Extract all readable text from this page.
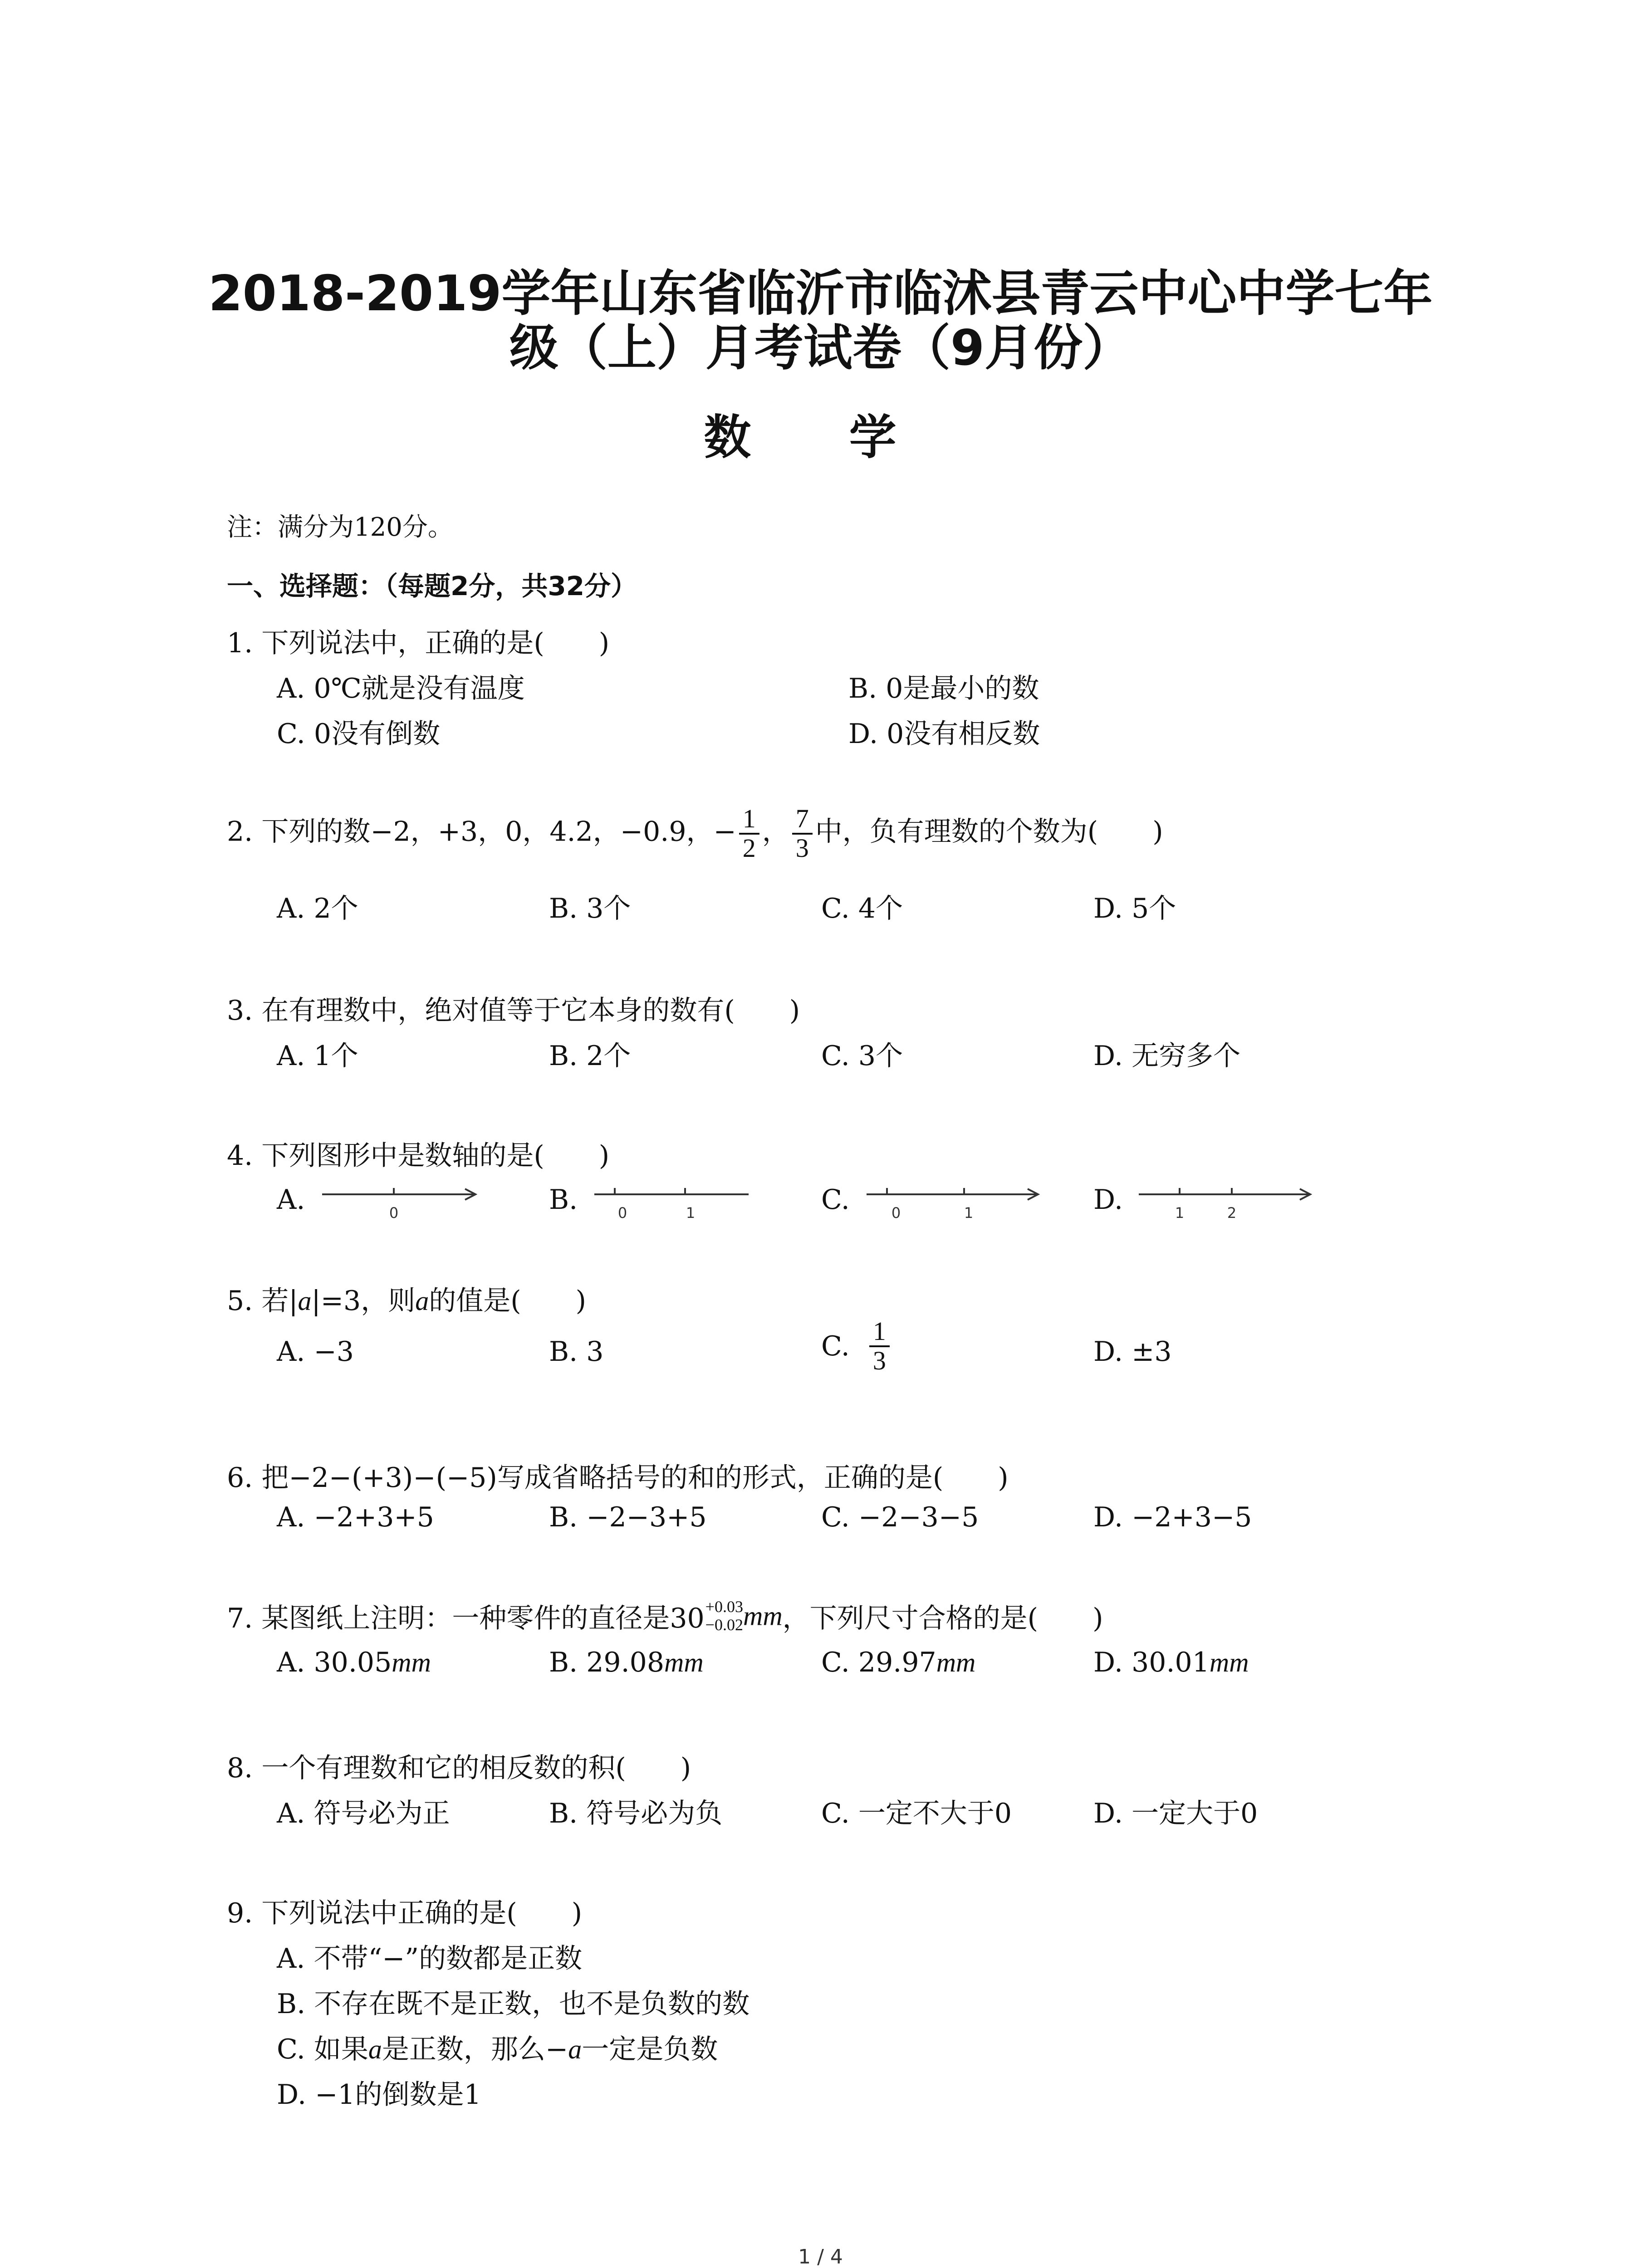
2018-2019学年山东省临沂市临沭县青云中心中学七年
级（上）月考试卷（9月份）
数 学
注：满分为120分。
一、选择题：（每题2分，共32分）
1. 下列说法中，正确的是(　　)
A. 0℃就是没有温度	B. 0是最小的数
C. 0没有倒数	D. 0没有相反数
2. 下列的数−2，+3，0，4.2，−0.9，− $\frac{1}{2}$ ， $\frac{7}{3}$ 中，负有理数的个数为(　　)
A. 2个	B. 3个	C. 4个	D. 5个
3. 在有理数中，绝对值等于它本身的数有(　　)
A. 1个	B. 2个	C. 3个	D. 无穷多个
4. 下列图形中是数轴的是(　　)
A.	B.	C.	D.
0	0	1	0	1	1	2
5. 若|a|=3，则a的值是(　　)
A. −3	B. 3	C. $\frac{1}{3}$	D. ±3
6. 把−2−(+3)−(−5)写成省略括号的和的形式，正确的是(　　)
A. −2+3+5	B. −2−3+5	C. −2−3−5	D. −2+3−5
7. 某图纸上注明：一种零件的直径是30 +0.03
−0.02 mm，下列尺寸合格的是(　　)
A. 30.05mm	B. 29.08mm	C. 29.97mm	D. 30.01mm
8. 一个有理数和它的相反数的积(　　)
A. 符号必为正	B. 符号必为负	C. 一定不大于0	D. 一定大于0
9. 下列说法中正确的是(　　)
A. 不带“−”的数都是正数
B. 不存在既不是正数，也不是负数的数
C. 如果a是正数，那么−a一定是负数
D. −1的倒数是1
1 / 4
